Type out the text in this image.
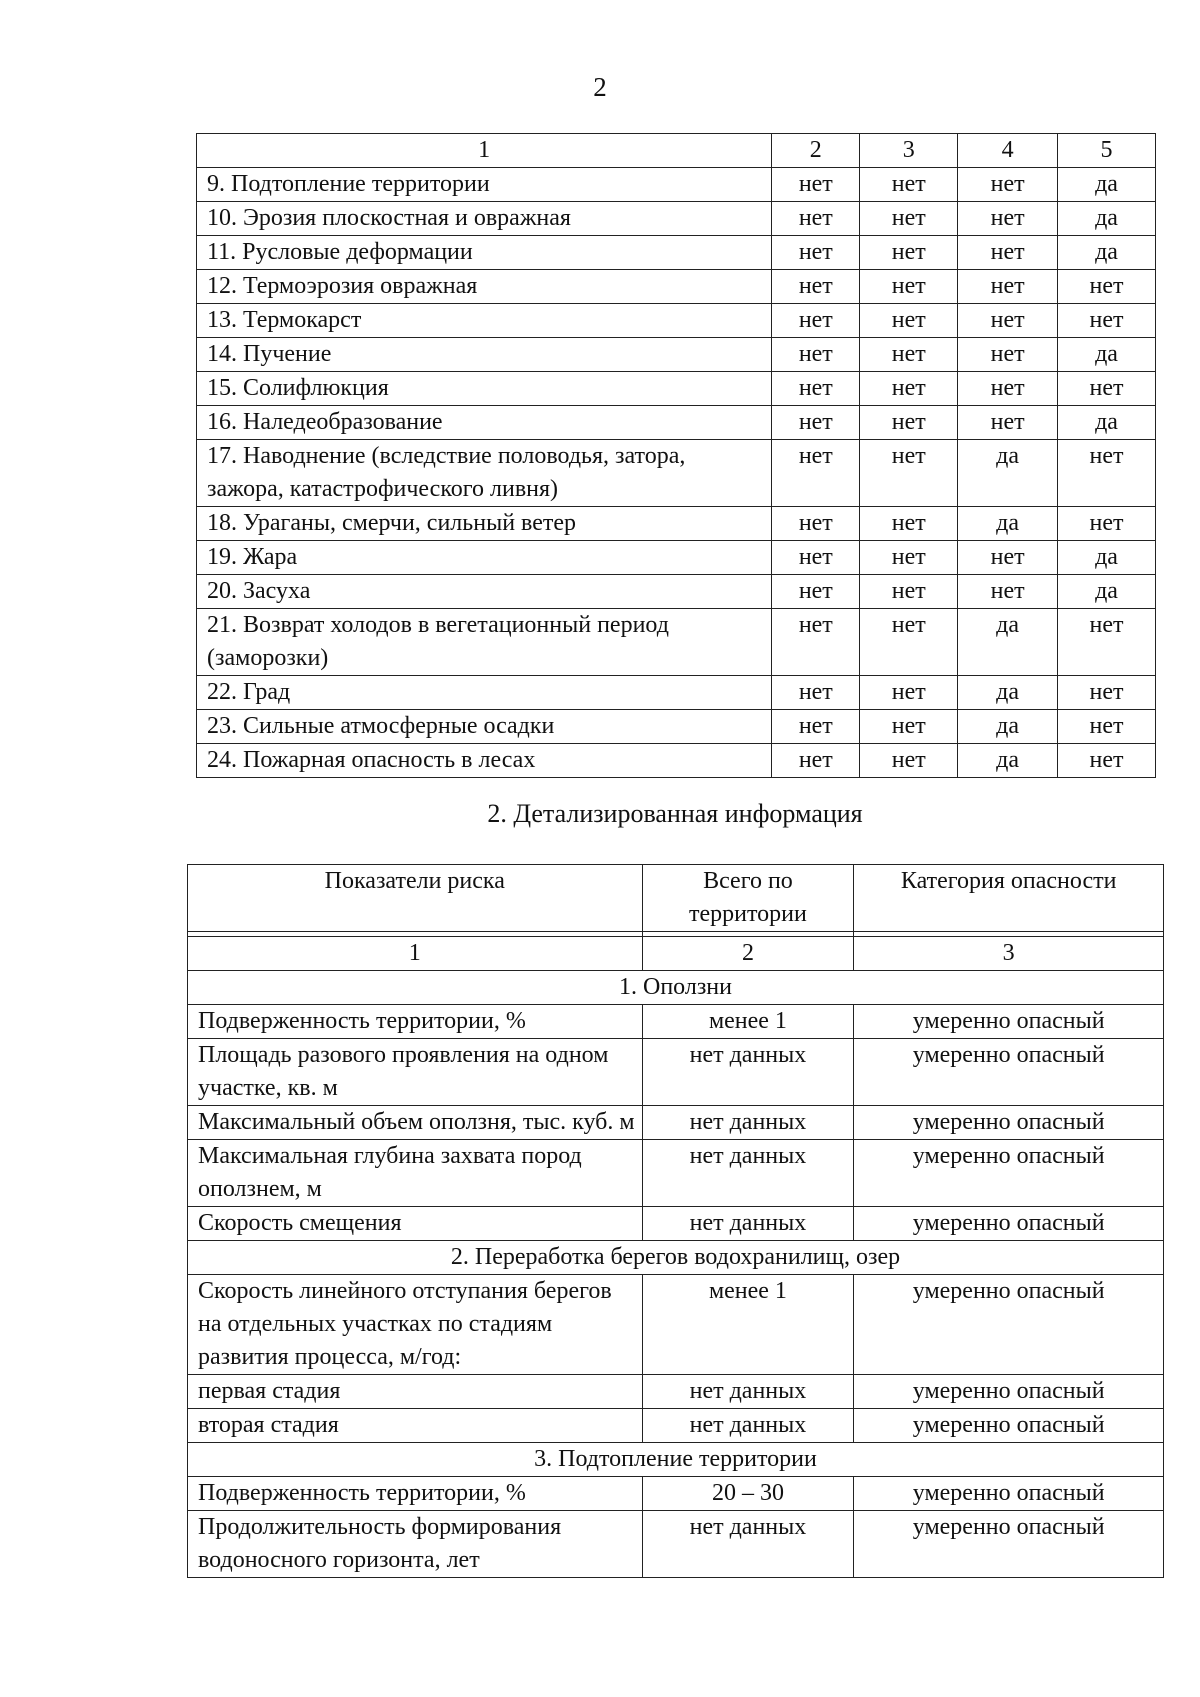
2
1	2	3	4	5
9. Подтопление территории	нет	нет	нет	да
10. Эрозия плоскостная и овражная	нет	нет	нет	да
11. Русловые деформации	нет	нет	нет	да
12. Термоэрозия овражная	нет	нет	нет	нет
13. Термокарст	нет	нет	нет	нет
14. Пучение	нет	нет	нет	да
15. Солифлюкция	нет	нет	нет	нет
16. Наледеобразование	нет	нет	нет	да
17. Наводнение (вследствие половодья, затора, зажора, катастрофического ливня)	нет	нет	да	нет
18. Ураганы, смерчи, сильный ветер	нет	нет	да	нет
19. Жара	нет	нет	нет	да
20. Засуха	нет	нет	нет	да
21. Возврат холодов в вегетационный период (заморозки)	нет	нет	да	нет
22. Град	нет	нет	да	нет
23. Сильные атмосферные осадки	нет	нет	да	нет
24. Пожарная опасность в лесах	нет	нет	да	нет
2. Детализированная информация
Показатели риска	Всего по территории	Категория опасности

1	2	3
1. Оползни		
Подверженность территории, %	менее 1	умеренно опасный
Площадь разового проявления на одном участке, кв. м	нет данных	умеренно опасный
Максимальный объем оползня, тыс. куб. м	нет данных	умеренно опасный
Максимальная глубина захвата пород оползнем, м	нет данных	умеренно опасный
Скорость смещения	нет данных	умеренно опасный
2. Переработка берегов водохранилищ, озер		
Скорость линейного отступания берегов на отдельных участках по стадиям развития процесса, м/год:	менее 1	умеренно опасный
первая стадия	нет данных	умеренно опасный
вторая стадия	нет данных	умеренно опасный
3. Подтопление территории		
Подверженность территории, %	20 – 30	умеренно опасный
Продолжительность формирования водоносного горизонта, лет	нет данных	умеренно опасный
